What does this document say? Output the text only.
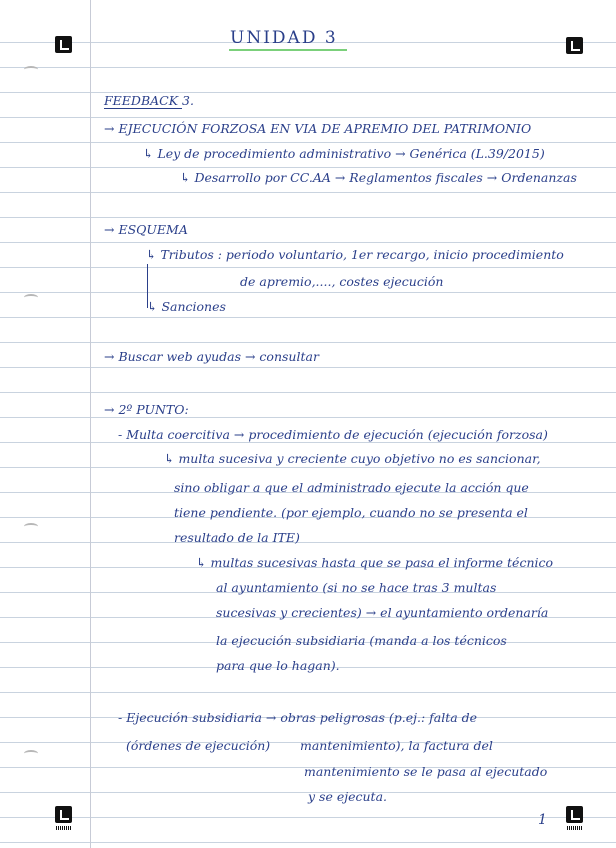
UNIDAD 3
FEEDBACK 3.
→ EJECUCIÓN FORZOSA EN VIA DE APREMIO DEL PATRIMONIO
↳ Ley de procedimiento administrativo → Genérica (L.39/2015)
↳ Desarrollo por CC.AA → Reglamentos fiscales → Ordenanzas
→ ESQUEMA
↳ Tributos : periodo voluntario, 1er recargo, inicio procedimiento
de apremio,...., costes ejecución
↳ Sanciones
→ Buscar web ayudas → consultar
→ 2º PUNTO:
- Multa coercitiva → procedimiento de ejecución (ejecución forzosa)
↳ multa sucesiva y creciente cuyo objetivo no es sancionar,
sino obligar a que el administrado ejecute la acción que
tiene pendiente. (por ejemplo, cuando no se presenta el
resultado de la ITE)
↳ multas sucesivas hasta que se pasa el informe técnico
al ayuntamiento (si no se hace tras 3 multas
sucesivas y crecientes) → el ayuntamiento ordenaría
la ejecución subsidiaria (manda a los técnicos
para que lo hagan).
- Ejecución subsidiaria → obras peligrosas (p.ej.: falta de
(órdenes de ejecución) mantenimiento), la factura del
mantenimiento se le pasa al ejecutado
y se ejecuta.
1
